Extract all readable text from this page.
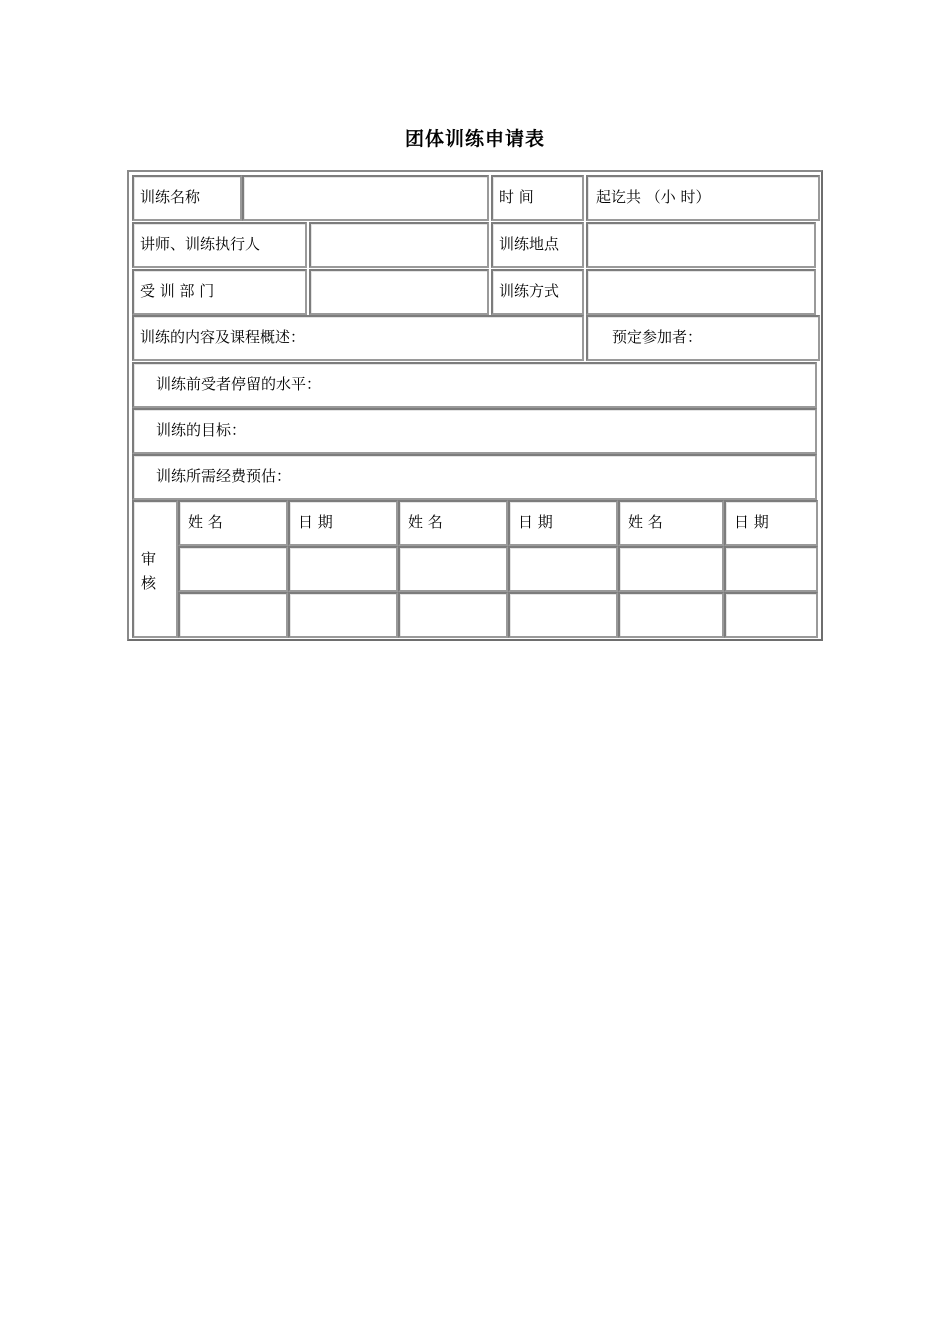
团体训练申请表
训练名称	时 间	起讫共 （小 时）
讲师、训练执行人	训练地点
受 训 部 门	训练方式
训练的内容及课程概述：	预定参加者：
训练前受者停留的水平：
训练的目标：
训练所需经费预估：
审
核
姓 名	日 期	姓 名	日 期	姓 名	日 期
